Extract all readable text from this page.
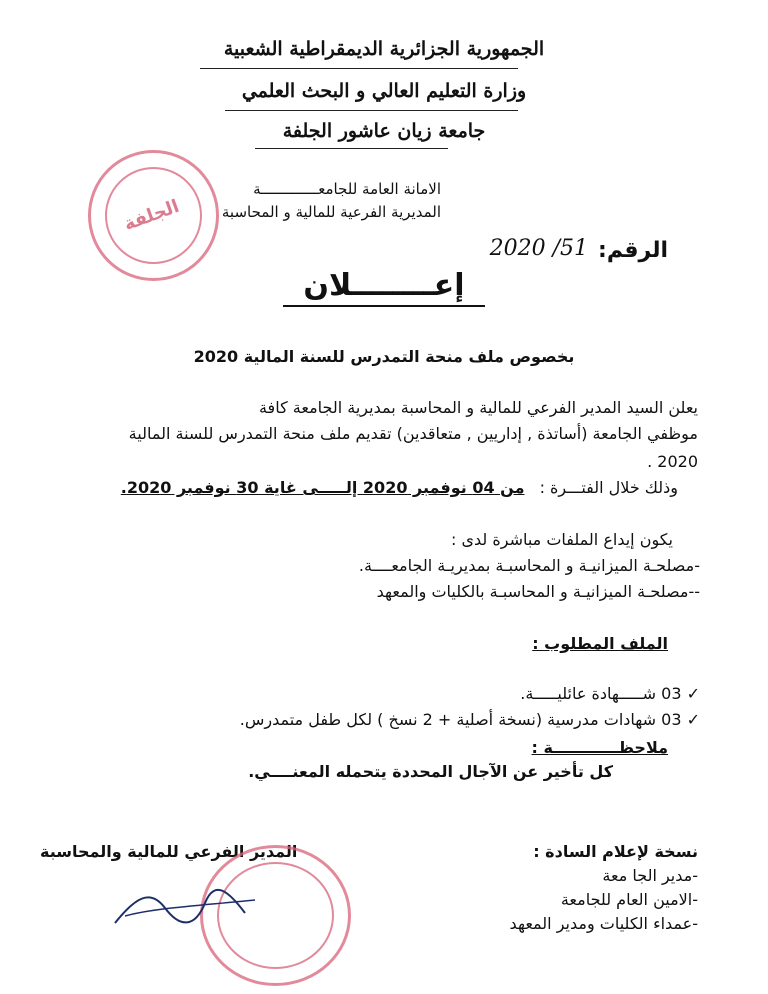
الجمهورية الجزائرية الديمقراطية الشعبية
وزارة التعليم العالي و البحث العلمي
جامعة زيان عاشور الجلفة
الجلفة
الامانة العامة للجامعـــــــــــــة
المديرية الفرعية للمالية و المحاسبة
الرقم:
51/ 2020
إعــــــــلان
بخصوص ملف منحة التمدرس للسنة المالية 2020
يعلن السيد المدير الفرعي للمالية و المحاسبة بمديرية الجامعة كافة
موظفي الجامعة (أساتذة , إداريين , متعاقدين) تقديم ملف منحة التمدرس للسنة المالية
2020 .
وذلك خلال الفتـــرة : من 04 نوفمبر 2020 إلـــــى غاية 30 نوفمبر 2020.
يكون إيداع الملفات مباشرة لدى :
-مصلحـة الميزانيـة و المحاسبـة بمديريـة الجامعــــة.
--مصلحـة الميزانيـة و المحاسبـة بالكليات والمعهد
الملف المطلوب :
✓ 03 شـــــهادة عائليـــــة.
✓ 03 شهادات مدرسية (نسخة أصلية + 2 نسخ ) لكل طفل متمدرس.
ملاحظــــــــــــة :
كل تأخير عن الآجال المحددة يتحمله المعنــــي.
نسخة لإعلام السادة :
-مدير الجا معة
-الامين العام للجامعة
-عمداء الكليات ومدير المعهد
المدير الفرعي للمالية والمحاسبة
